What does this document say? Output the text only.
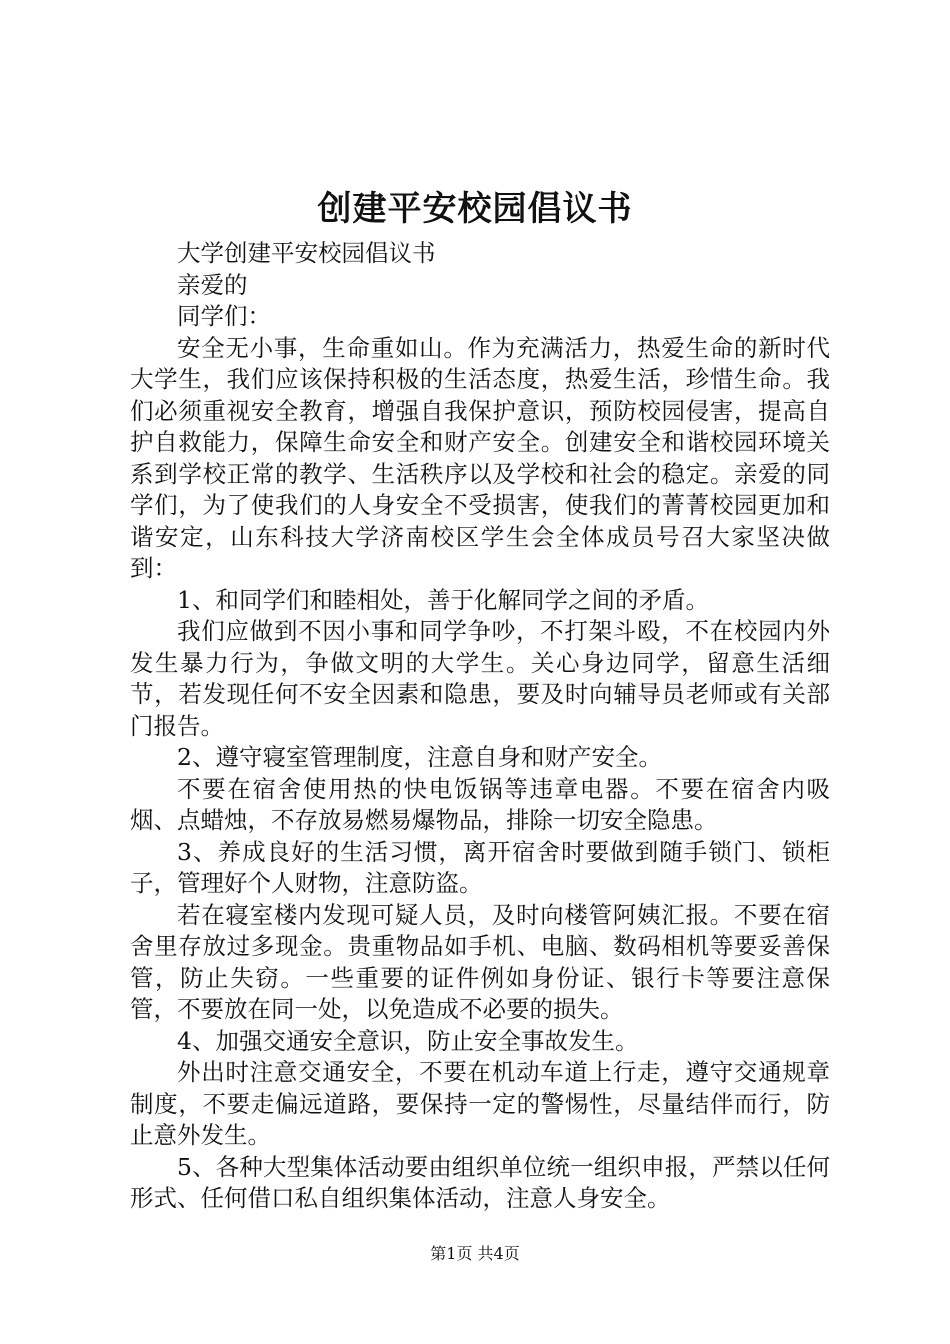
创建平安校园倡议书

大学创建平安校园倡议书

亲爱的

同学们：

安全无小事，生命重如山。作为充满活力，热爱生命的新时代大学生，我们应该保持积极的生活态度，热爱生活，珍惜生命。我们必须重视安全教育，增强自我保护意识，预防校园侵害，提高自护自救能力，保障生命安全和财产安全。创建安全和谐校园环境关系到学校正常的教学、生活秩序以及学校和社会的稳定。亲爱的同学们，为了使我们的人身安全不受损害，使我们的菁菁校园更加和谐安定，山东科技大学济南校区学生会全体成员号召大家坚决做到：

1、和同学们和睦相处，善于化解同学之间的矛盾。

我们应做到不因小事和同学争吵，不打架斗殴，不在校园内外发生暴力行为，争做文明的大学生。关心身边同学，留意生活细节，若发现任何不安全因素和隐患，要及时向辅导员老师或有关部门报告。

2、遵守寝室管理制度，注意自身和财产安全。

不要在宿舍使用热的快电饭锅等违章电器。不要在宿舍内吸烟、点蜡烛，不存放易燃易爆物品，排除一切安全隐患。

3、养成良好的生活习惯，离开宿舍时要做到随手锁门、锁柜子，管理好个人财物，注意防盗。

若在寝室楼内发现可疑人员，及时向楼管阿姨汇报。不要在宿舍里存放过多现金。贵重物品如手机、电脑、数码相机等要妥善保管，防止失窃。一些重要的证件例如身份证、银行卡等要注意保管，不要放在同一处，以免造成不必要的损失。

4、加强交通安全意识，防止安全事故发生。

外出时注意交通安全，不要在机动车道上行走，遵守交通规章制度，不要走偏远道路，要保持一定的警惕性，尽量结伴而行，防止意外发生。

5、各种大型集体活动要由组织单位统一组织申报，严禁以任何形式、任何借口私自组织集体活动，注意人身安全。

第1页 共4页
